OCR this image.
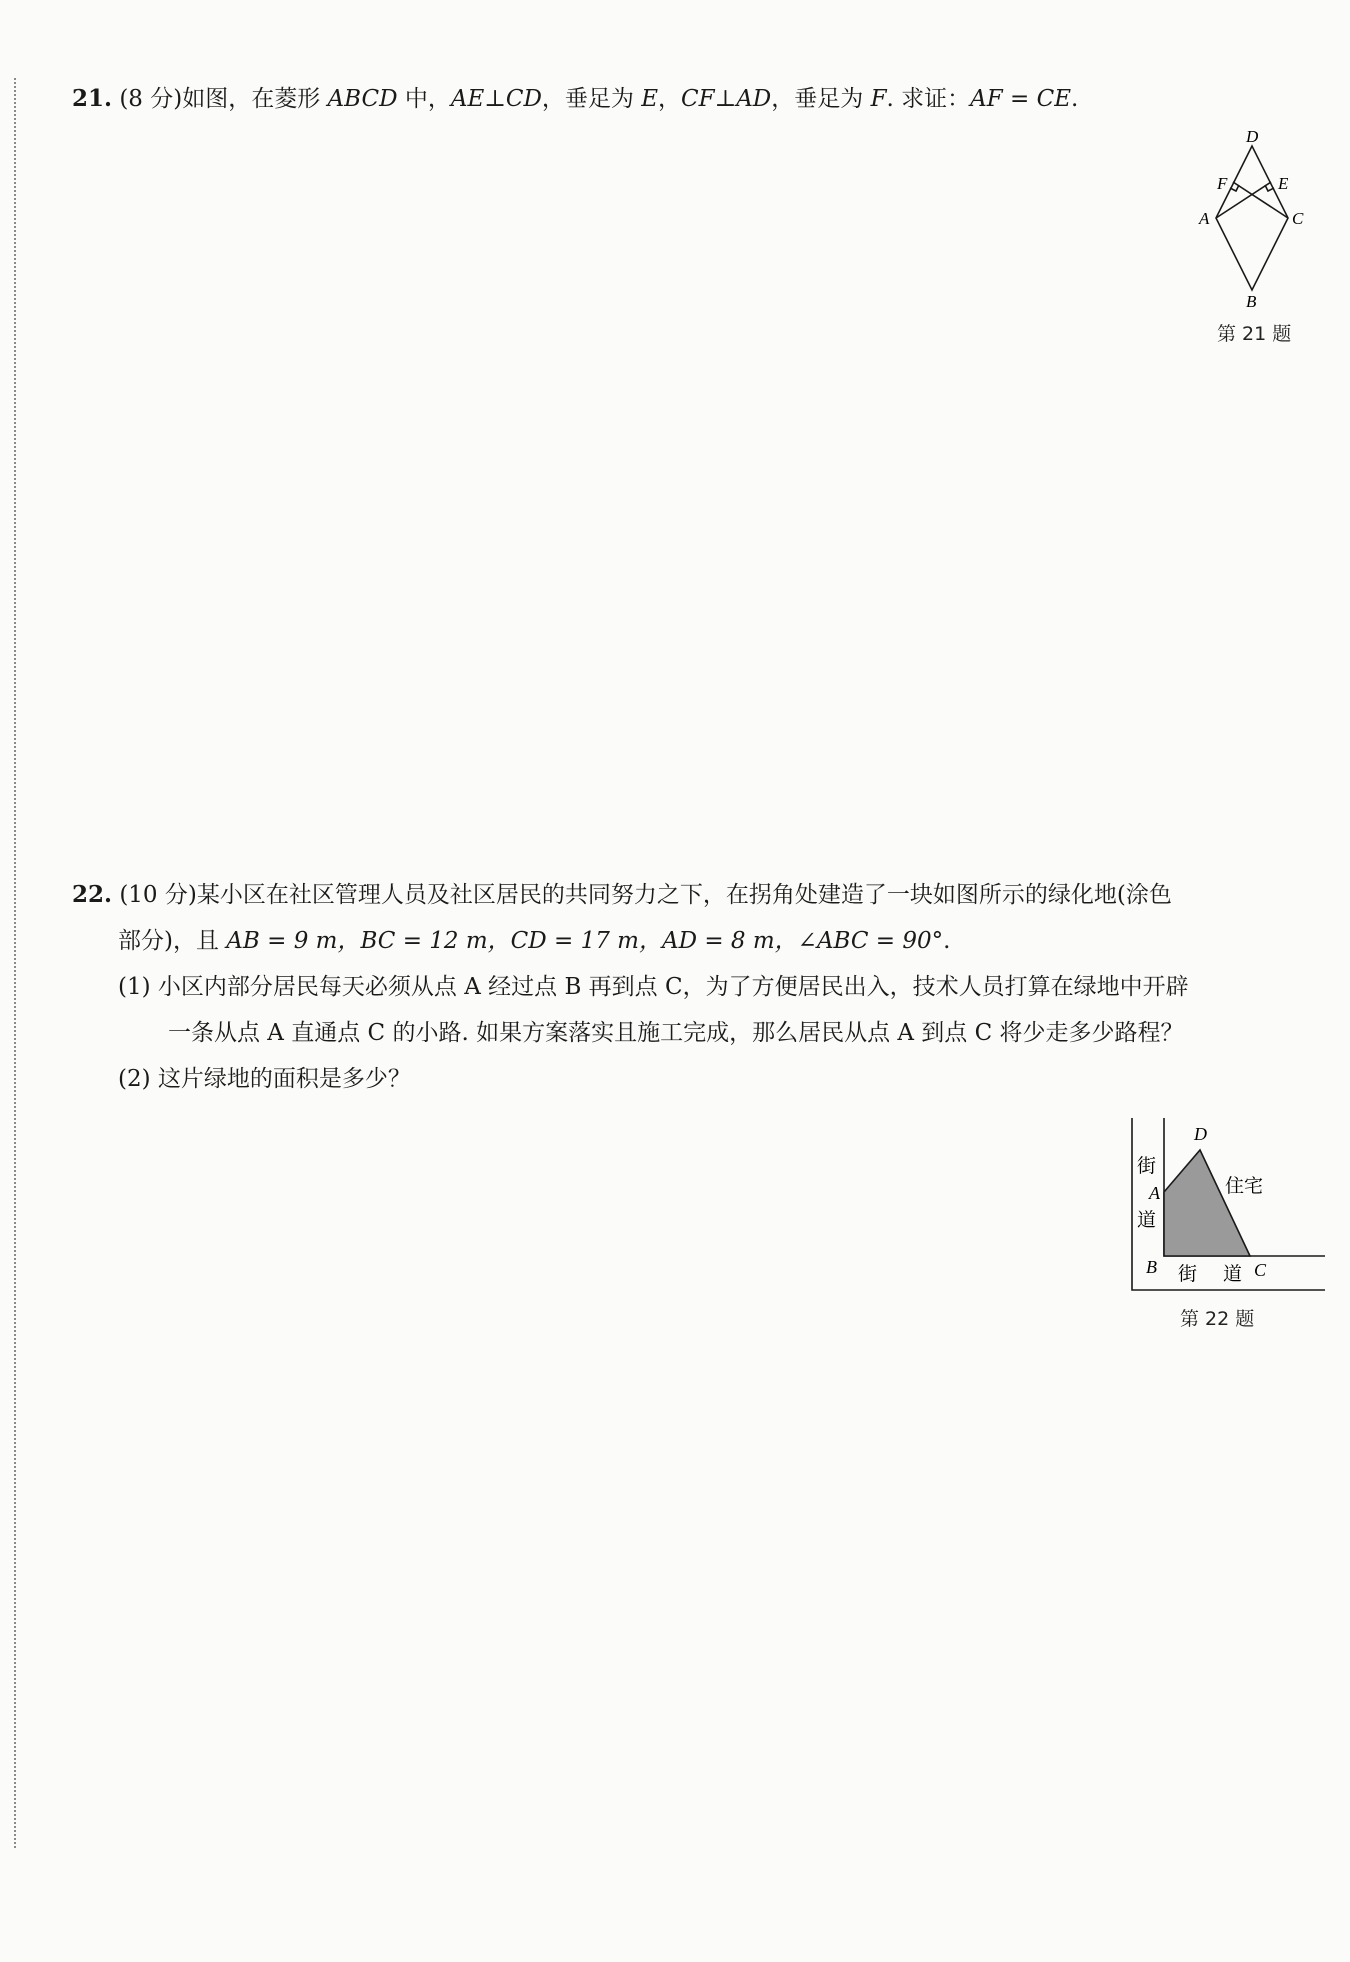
21. (8 分)如图，在菱形 ABCD 中，AE⊥CD，垂足为 E，CF⊥AD，垂足为 F. 求证：AF = CE.
D
F	E
A	C
B
第 21 题
22. (10 分)某小区在社区管理人员及社区居民的共同努力之下，在拐角处建造了一块如图所示的绿化地(涂色
部分)，且 AB = 9 m，BC = 12 m，CD = 17 m，AD = 8 m，∠ABC = 90°.
(1) 小区内部分居民每天必须从点 A 经过点 B 再到点 C，为了方便居民出入，技术人员打算在绿地中开辟
一条从点 A 直通点 C 的小路. 如果方案落实且施工完成，那么居民从点 A 到点 C 将少走多少路程？
(2) 这片绿地的面积是多少？
D
A
B	C
街
道
街 道
住宅
第 22 题
